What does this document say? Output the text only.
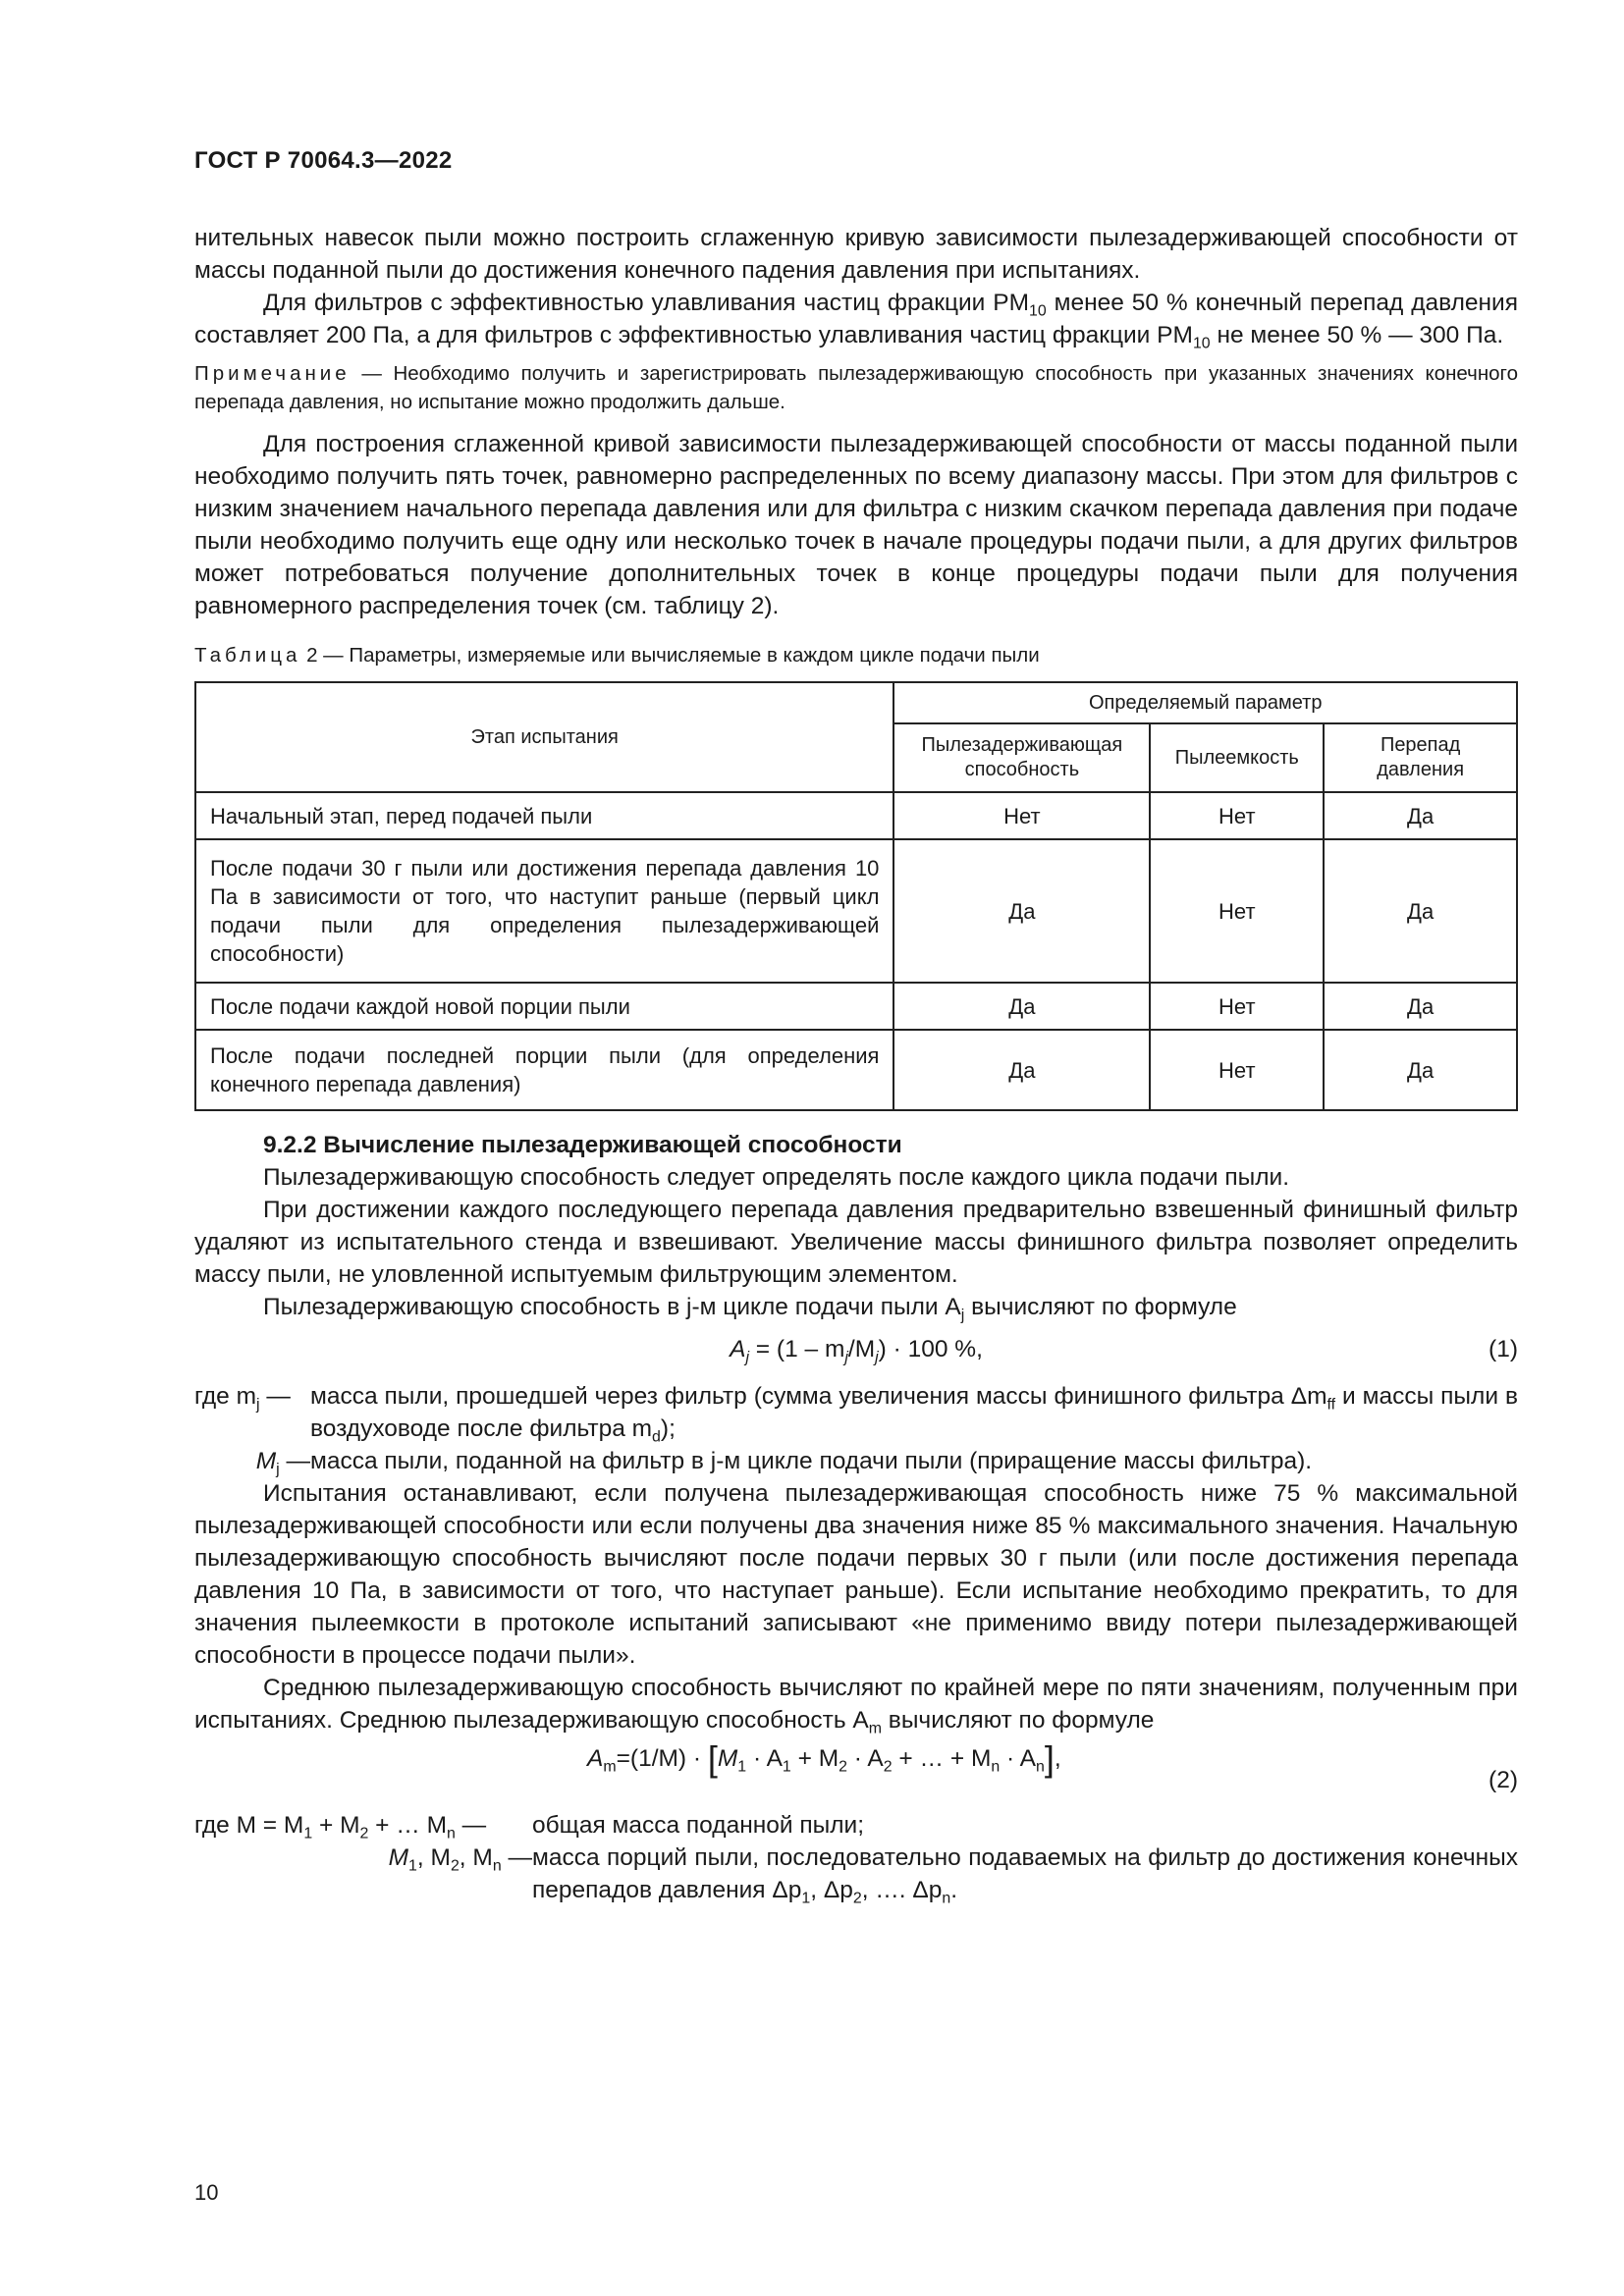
ГОСТ Р 70064.3—2022

нительных навесок пыли можно построить сглаженную кривую зависимости пылезадерживающей способности от массы поданной пыли до достижения конечного падения давления при испытаниях.

Для фильтров с эффективностью улавливания частиц фракции $PM_{10}$ менее 50 % конечный перепад давления составляет 200 Па, а для фильтров с эффективностью улавливания частиц фракции $PM_{10}$ не менее 50 % — 300 Па.

Примечание — Необходимо получить и зарегистрировать пылезадерживающую способность при указанных значениях конечного перепада давления, но испытание можно продолжить дальше.

Для построения сглаженной кривой зависимости пылезадерживающей способности от массы поданной пыли необходимо получить пять точек, равномерно распределенных по всему диапазону массы. При этом для фильтров с низким значением начального перепада давления или для фильтра с низким скачком перепада давления при подаче пыли необходимо получить еще одну или несколько точек в начале процедуры подачи пыли, а для других фильтров может потребоваться получение дополнительных точек в конце процедуры подачи пыли для получения равномерного распределения точек (см. таблицу 2).

Таблица 2 — Параметры, измеряемые или вычисляемые в каждом цикле подачи пыли

Этап испытания	Определяемый параметр		
	Пылезадерживающая способность	Пылеемкость	Перепад давления
Начальный этап, перед подачей пыли	Нет	Нет	Да
После подачи 30 г пыли или достижения перепада давления 10 Па в зависимости от того, что наступит раньше (первый цикл подачи пыли для определения пылезадерживающей способности)	Да	Нет	Да
После подачи каждой новой порции пыли	Да	Нет	Да
После подачи последней порции пыли (для определения конечного перепада давления)	Да	Нет	Да

9.2.2 Вычисление пылезадерживающей способности

Пылезадерживающую способность следует определять после каждого цикла подачи пыли.

При достижении каждого последующего перепада давления предварительно взвешенный финишный фильтр удаляют из испытательного стенда и взвешивают. Увеличение массы финишного фильтра позволяет определить массу пыли, не уловленной испытуемым фильтрующим элементом.

Пылезадерживающую способность в j-м цикле подачи пыли $A_j$ вычисляют по формуле

$A_j = (1 - m_j/M_j) \cdot 100$ %,	(1)
где $m_j$ — масса пыли, прошедшей через фильтр (сумма увеличения массы финишного фильтра $\Delta m_{ff}$ и массы пыли в воздуховоде после фильтра $m_d$);
$M_j$ — масса пыли, поданной на фильтр в j-м цикле подачи пыли (приращение массы фильтра).

Испытания останавливают, если получена пылезадерживающая способность ниже 75 % максимальной пылезадерживающей способности или если получены два значения ниже 85 % максимального значения. Начальную пылезадерживающую способность вычисляют после подачи первых 30 г пыли (или после достижения перепада давления 10 Па, в зависимости от того, что наступает раньше). Если испытание необходимо прекратить, то для значения пылеемкости в протоколе испытаний записывают «не применимо ввиду потери пылезадерживающей способности в процессе подачи пыли».

Среднюю пылезадерживающую способность вычисляют по крайней мере по пяти значениям, полученным при испытаниях. Среднюю пылезадерживающую способность $A_m$ вычисляют по формуле

$A_m=(1/M) \cdot [M_1 \cdot A_1 + M_2 \cdot A_2$ + … + $M_n \cdot A_n$],
(2)
где $M = M_1 + M_2$ + … $M_n$ —	общая масса поданной пыли;
$M_1$, $M_2$, $M_n$ — масса порций пыли, последовательно подаваемых на фильтр до достижения конечных перепадов давления $\Delta p_1$, $\Delta p_2$, …. $\Delta p_n$.
10
